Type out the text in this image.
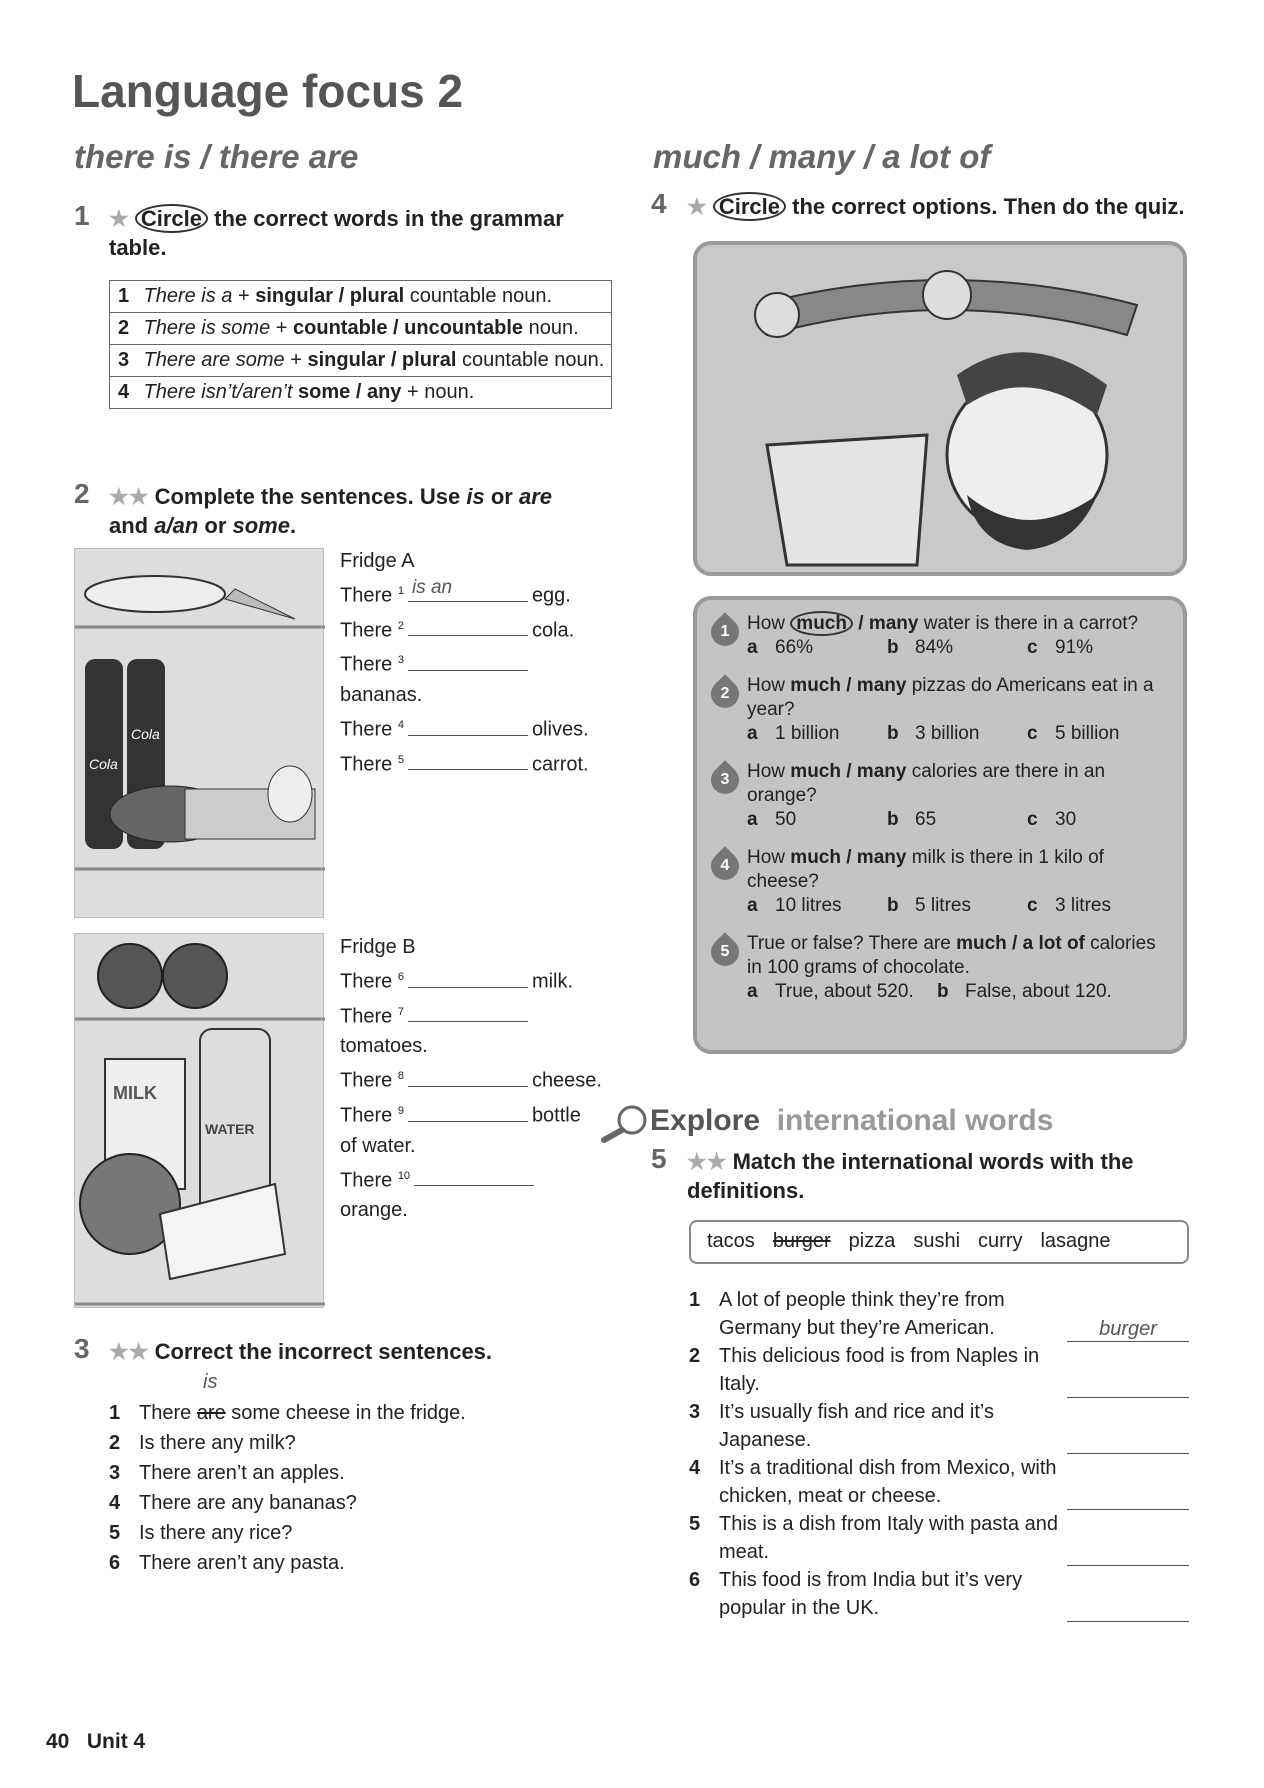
Language focus 2
there is / there are	much / many / a lot of
1 ★ Circle the correct words in the grammar table.
1	There is a + singular / plural countable noun.
2	There is some + countable / uncountable noun.
3	There are some + singular / plural countable noun.
4	There isn’t/aren’t some / any + noun.
2 ★★ Complete the sentences. Use is or are
and a/an or some.
Cola
Cola
Fridge A
There $^1$ is an	egg.
There $^2$	cola.
There $^3$
bananas.
There $^4$	olives.
There $^5$	carrot.
MILK
WATER
Fridge B
There $^6$	milk.
There $^7$
tomatoes.
There $^8$	cheese.
There $^9$	bottle
of water.
There $^{10}$
orange.
3 ★★ Correct the incorrect sentences.
is
1 There are some cheese in the fridge.
2 Is there any milk?
3 There aren’t an apples.
4 There are any bananas?
5 Is there any rice?
6 There aren’t any pasta.
4 ★ Circle the correct options. Then do the quiz.
1 How much / many water is there in a carrot?
a 66%	b 84%	c 91%
2 How much / many pizzas do Americans eat in a year?
a 1 billion	b 3 billion	c 5 billion
3 How much / many calories are there in an orange?
a 50	b 65	c 30
4 How much / many milk is there in 1 kilo of cheese?
a 10 litres	b 5 litres	c 3 litres
5 True or false? There are much / a lot of calories in 100 grams of chocolate.
a True, about 520.	b False, about 120.
Explore international words
5 ★★ Match the international words with the definitions.
tacos burger pizza sushi curry lasagne
1 A lot of people think they’re from Germany but they’re American.	burger
2 This delicious food is from Naples in Italy.
3 It’s usually fish and rice and it’s Japanese.
4 It’s a traditional dish from Mexico, with chicken, meat or cheese.
5 This is a dish from Italy with pasta and meat.
6 This food is from India but it’s very popular in the UK.
40 Unit 4
